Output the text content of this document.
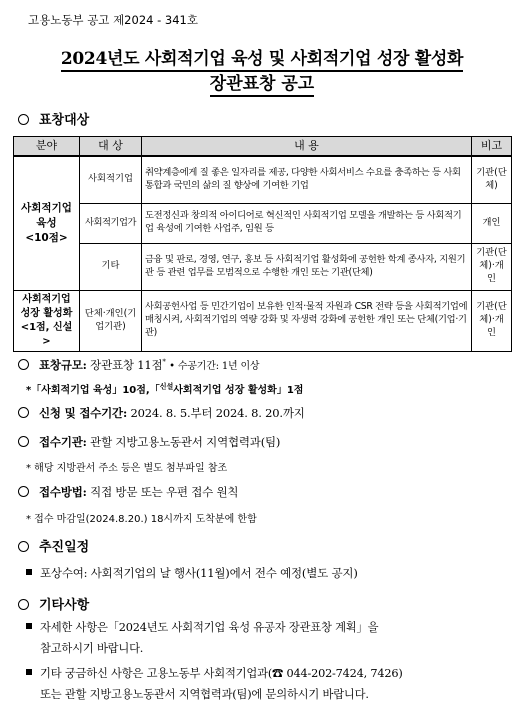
고용노동부 공고 제2024 - 341호
2024년도 사회적기업 육성 및 사회적기업 성장 활성화
장관표창 공고
표창대상
분야	대 상	내 용	비고

사회적기업
육성
<10점>	사회적기업	취약계층에게 질 좋은 일자리를 제공, 다양한 사회서비스 수요를 충족하는 등 사회통합과 국민의 삶의 질 향상에 기여한 기업	기관(단체)
	사회적기업가	도전정신과 창의적 아이디어로 혁신적인 사회적기업 모델을 개발하는 등 사회적기업 육성에 기여한 사업주, 임원 등	개인
	기타	금융 및 판로, 경영, 연구, 홍보 등 사회적기업 활성화에 공헌한 학계 종사자, 지원기관 등 관련 업무를 모범적으로 수행한 개인 또는 기관(단체)	기관(단체)·개인

사회적기업
성장 활성화
<1점, 신설>	단체·개인(기업기관)	사회공헌사업 등 민간기업이 보유한 인적·물적 자원과 CSR 전략 등을 사회적기업에 매칭시켜, 사회적기업의 역량 강화 및 자생력 강화에 공헌한 개인 또는 단체(기업·기관)	기관(단체)·개인
표창규모: 장관표창 11점* • 수공기간: 1년 이상
*「사회적기업 육성」10점,「$^{신설}$사회적기업 성장 활성화」1점
신청 및 접수기간: 2024. 8. 5.부터 2024. 8. 20.까지
접수기관: 관할 지방고용노동관서 지역협력과(팀)
* 해당 지방관서 주소 등은 별도 첨부파일 참조
접수방법: 직접 방문 또는 우편 접수 원칙
* 접수 마감일(2024.8.20.) 18시까지 도착분에 한함
추진일정
포상수여: 사회적기업의 날 행사(11월)에서 전수 예정(별도 공지)
기타사항
자세한 사항은「2024년도 사회적기업 육성 유공자 장관표창 계획」을
참고하시기 바랍니다.
기타 궁금하신 사항은 고용노동부 사회적기업과(☎ 044-202-7424, 7426)
또는 관할 지방고용노동관서 지역협력과(팀)에 문의하시기 바랍니다.
